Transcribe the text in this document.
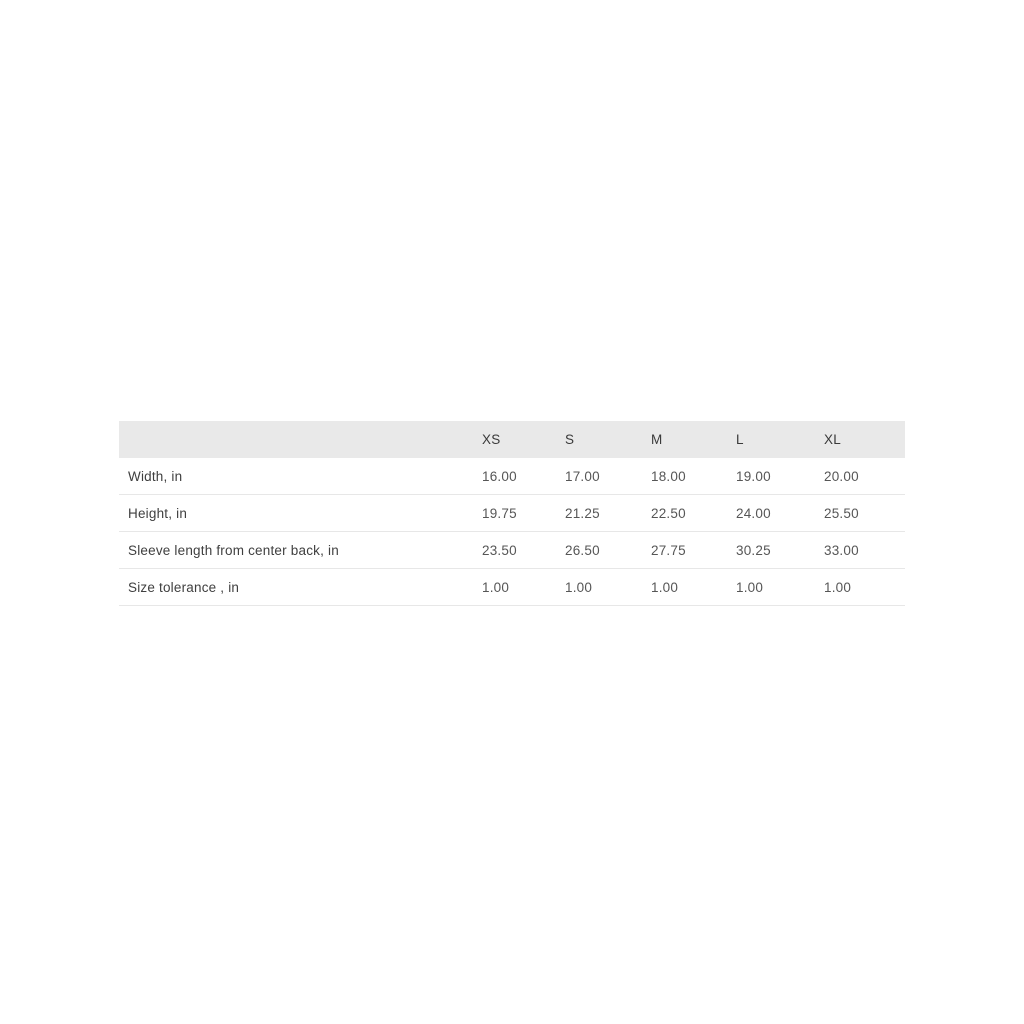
	XS	S	M	L	XL
Width, in	16.00	17.00	18.00	19.00	20.00
Height, in	19.75	21.25	22.50	24.00	25.50
Sleeve length from center back, in	23.50	26.50	27.75	30.25	33.00
Size tolerance , in	1.00	1.00	1.00	1.00	1.00
